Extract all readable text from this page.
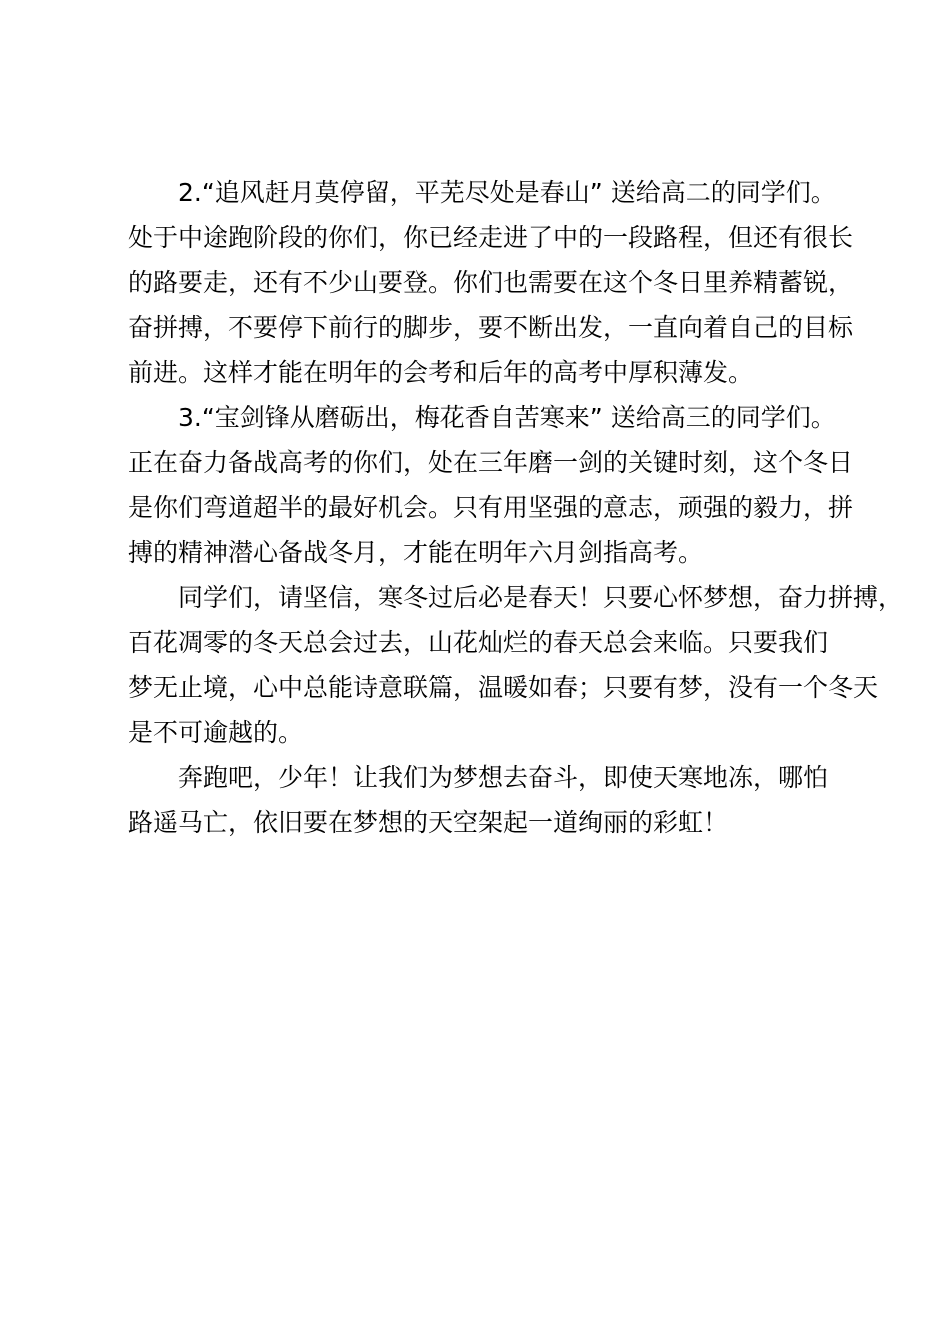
2.“追风赶月莫停留，平芜尽处是春山” 送给高二的同学们。
处于中途跑阶段的你们，你已经走进了中的一段路程，但还有很长
的路要走，还有不少山要登。你们也需要在这个冬日里养精蓄锐，
奋拼搏，不要停下前行的脚步，要不断出发，一直向着自己的目标
前进。这样才能在明年的会考和后年的高考中厚积薄发。
3.“宝剑锋从磨砺出，梅花香自苦寒来” 送给高三的同学们。
正在奋力备战高考的你们，处在三年磨一剑的关键时刻，这个冬日
是你们弯道超半的最好机会。只有用坚强的意志，顽强的毅力，拼
搏的精神潜心备战冬月，才能在明年六月剑指高考。
同学们，请坚信，寒冬过后必是春天！只要心怀梦想，奋力拼搏，
百花凋零的冬天总会过去，山花灿烂的春天总会来临。只要我们
梦无止境，心中总能诗意联篇，温暖如春；只要有梦，没有一个冬天
是不可逾越的。
奔跑吧，少年！让我们为梦想去奋斗，即使天寒地冻，哪怕
路遥马亡，依旧要在梦想的天空架起一道绚丽的彩虹！
